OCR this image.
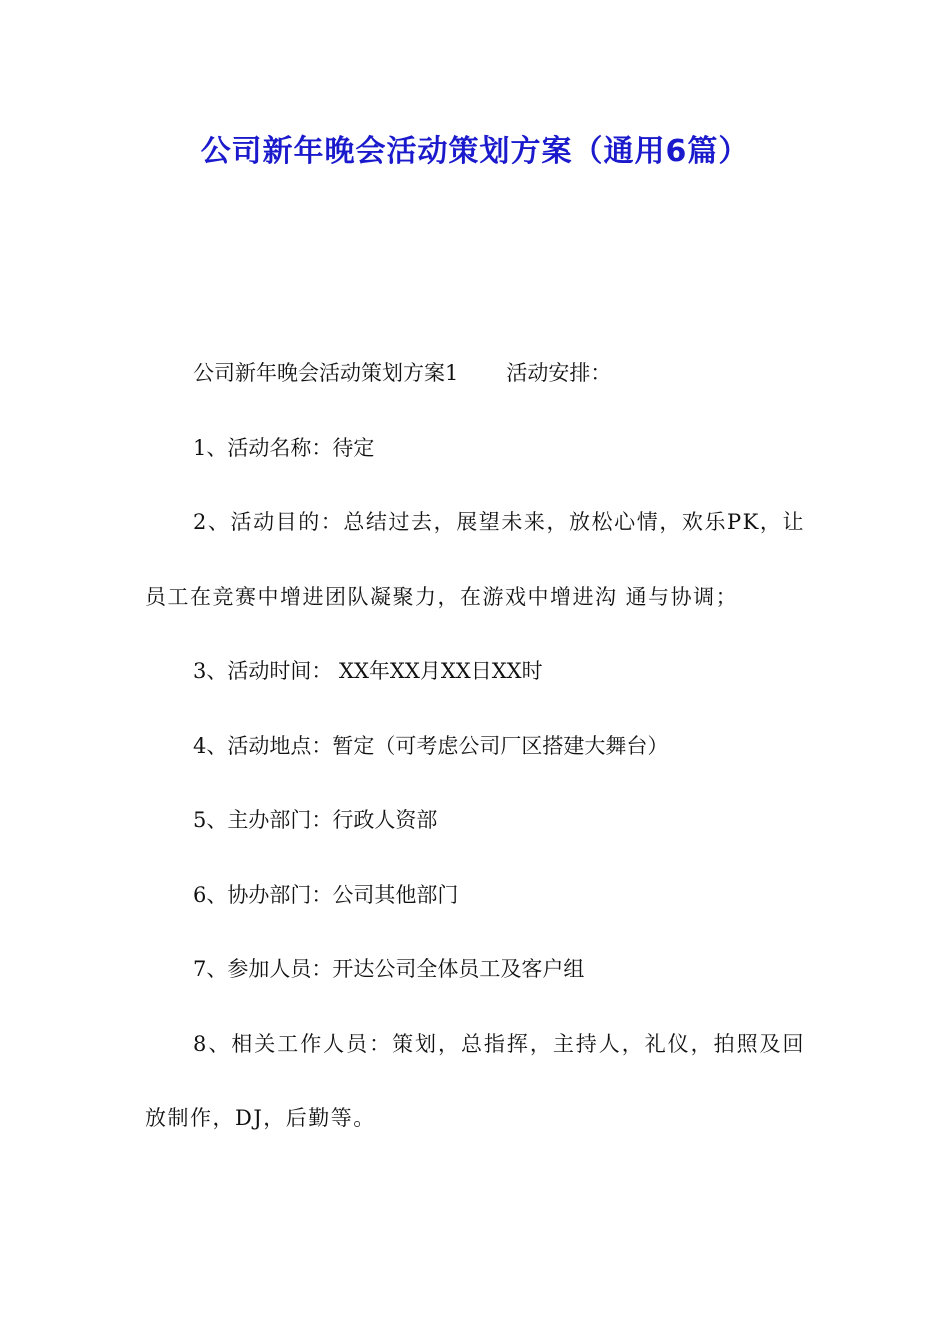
公司新年晚会活动策划方案（通用6篇）

公司新年晚会活动策划方案1 活动安排：

1、活动名称：待定

2、活动目的：总结过去，展望未来，放松心情，欢乐PK，让员工在竞赛中增进团队凝聚力，在游戏中增进沟 通与协调；

3、活动时间： XX年XX月XX日XX时

4、活动地点：暂定（可考虑公司厂区搭建大舞台）

5、主办部门：行政人资部

6、协办部门：公司其他部门

7、参加人员：开达公司全体员工及客户组

8、相关工作人员：策划，总指挥，主持人，礼仪，拍照及回放制作，DJ，后勤等。
